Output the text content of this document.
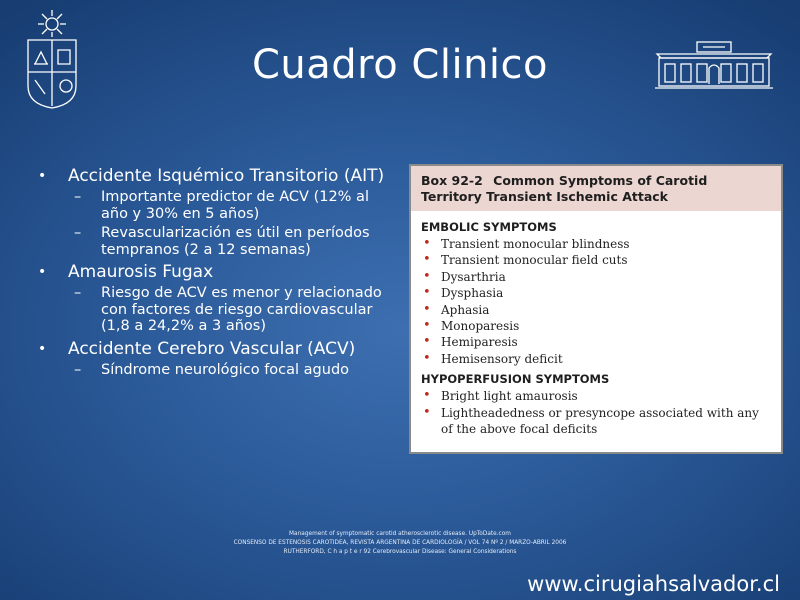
Cuadro Clinico
• Accidente Isquémico Transitorio (AIT)
– Importante predictor de ACV (12% al año y 30% en 5 años)
– Revascularización es útil en períodos tempranos (2 a 12 semanas)
• Amaurosis Fugax
– Riesgo de ACV es menor y relacionado con factores de riesgo cardiovascular (1,8 a 24,2% a 3 años)
• Accidente Cerebro Vascular (ACV)
– Síndrome neurológico focal agudo
Box 92-2 Common Symptoms of Carotid Territory Transient Ischemic Attack
EMBOLIC SYMPTOMS
• Transient monocular blindness
• Transient monocular field cuts
• Dysarthria
• Dysphasia
• Aphasia
• Monoparesis
• Hemiparesis
• Hemisensory deficit
HYPOPERFUSION SYMPTOMS
• Bright light amaurosis
• Lightheadedness or presyncope associated with any of the above focal deficits
Management of symptomatic carotid atherosclerotic disease. UpToDate.com
CONSENSO DE ESTENOSIS CAROTIDEA, REVISTA ARGENTINA DE CARDIOLOGÍA / VOL 74 Nº 2 / MARZO-ABRIL 2006
RUTHERFORD, C h a p t e r 92 Cerebrovascular Disease: General Considerations
www.cirugiahsalvador.cl
